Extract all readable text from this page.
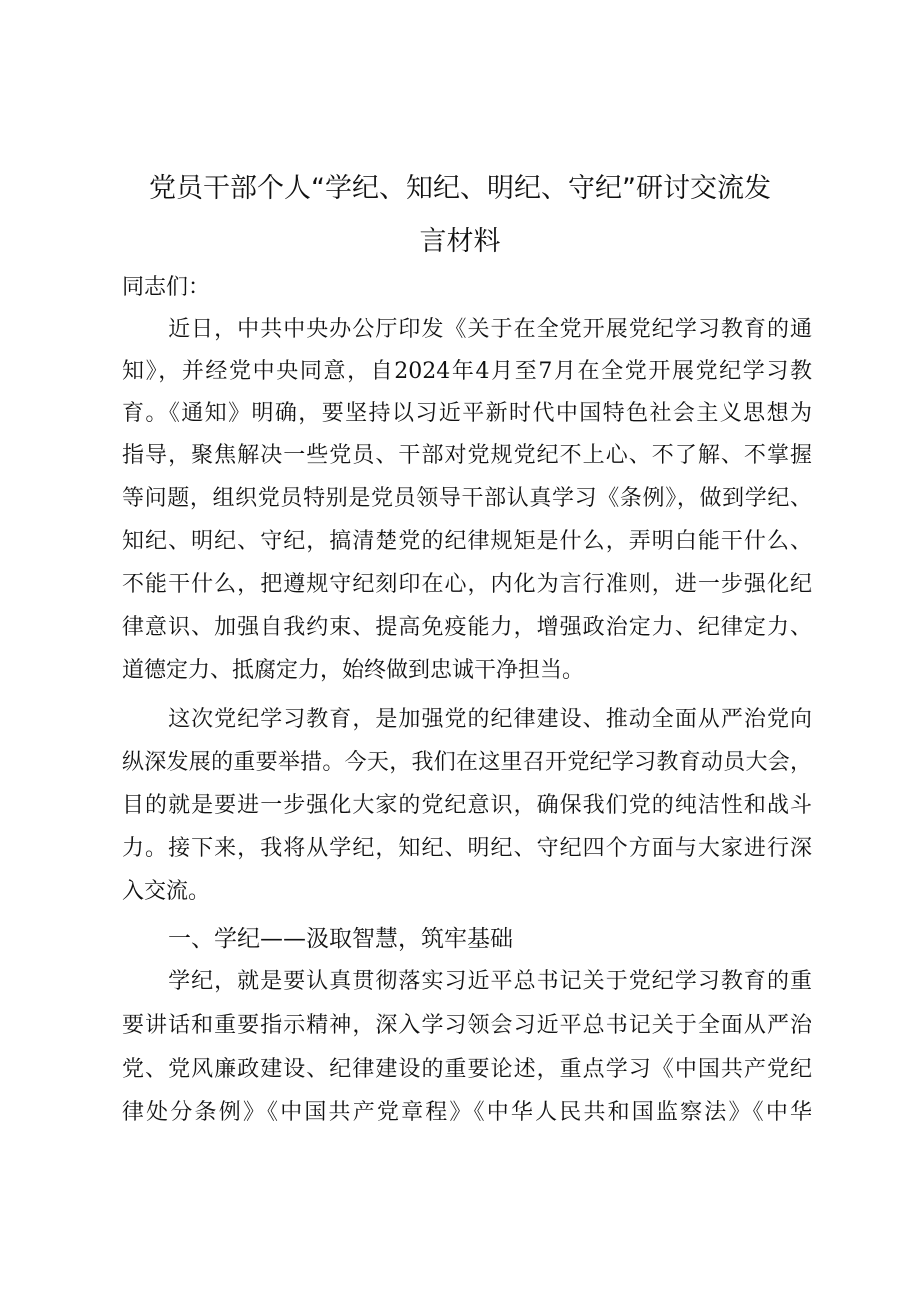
党员干部个人“学纪、知纪、明纪、守纪”研讨交流发
言材料
同志们：
　　近日，中共中央办公厅印发《关于在全党开展党纪学习教育的通
知》，并经党中央同意，自2024年4月至7月在全党开展党纪学习教
育。《通知》明确，要坚持以习近平新时代中国特色社会主义思想为
指导，聚焦解决一些党员、干部对党规党纪不上心、不了解、不掌握
等问题，组织党员特别是党员领导干部认真学习《条例》，做到学纪、
知纪、明纪、守纪，搞清楚党的纪律规矩是什么，弄明白能干什么、
不能干什么，把遵规守纪刻印在心，内化为言行准则，进一步强化纪
律意识、加强自我约束、提高免疫能力，增强政治定力、纪律定力、
道德定力、抵腐定力，始终做到忠诚干净担当。
　　这次党纪学习教育，是加强党的纪律建设、推动全面从严治党向
纵深发展的重要举措。今天，我们在这里召开党纪学习教育动员大会，
目的就是要进一步强化大家的党纪意识，确保我们党的纯洁性和战斗
力。接下来，我将从学纪，知纪、明纪、守纪四个方面与大家进行深
入交流。
一、学纪——汲取智慧，筑牢基础
　　学纪，就是要认真贯彻落实习近平总书记关于党纪学习教育的重
要讲话和重要指示精神，深入学习领会习近平总书记关于全面从严治
党、党风廉政建设、纪律建设的重要论述，重点学习《中国共产党纪
律处分条例》《中国共产党章程》《中华人民共和国监察法》《中华
